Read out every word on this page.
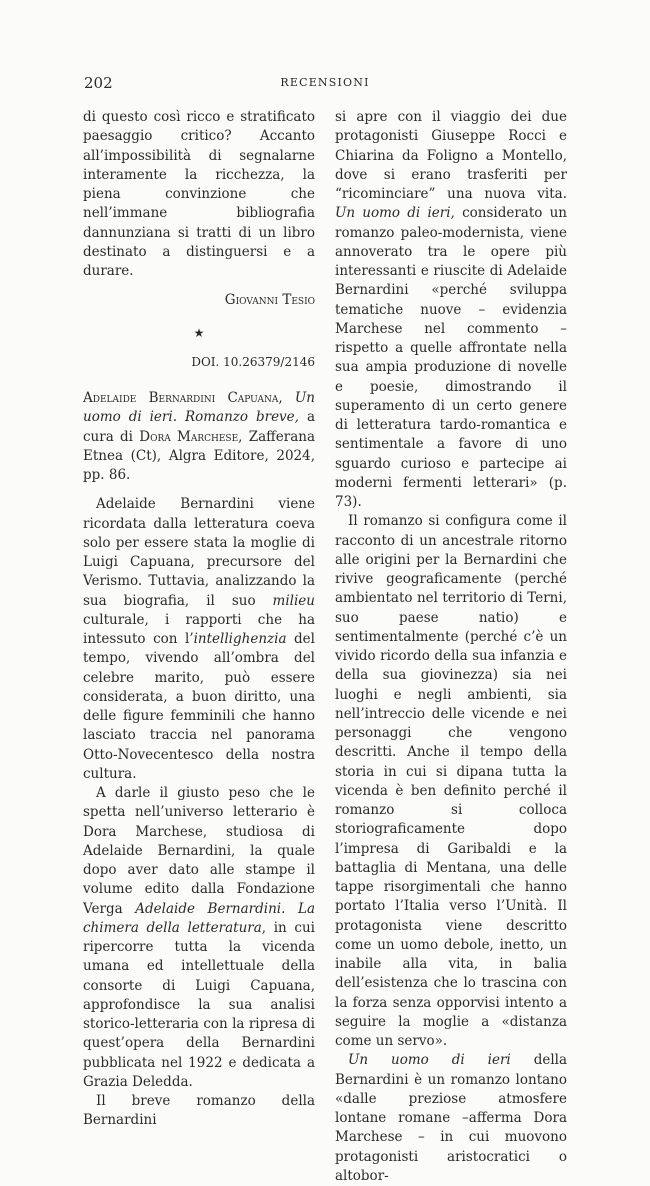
202	RECENSIONI

di questo così ricco e stratificato paesaggio critico? Accanto all’impossibilità di segnalarne interamente la ricchezza, la piena convinzione che nell’immane bibliografia dannunziana si tratti di un libro destinato a distinguersi e a durare.

Giovanni Tesio

★

DOI. 10.26379/2146

Adelaide Bernardini Capuana, Un uomo di ieri. Romanzo breve, a cura di Dora Marchese, Zafferana Etnea (Ct), Algra Editore, 2024, pp. 86.

Adelaide Bernardini viene ricordata dalla letteratura coeva solo per essere stata la moglie di Luigi Capuana, precursore del Verismo. Tuttavia, analizzando la sua biografia, il suo milieu culturale, i rapporti che ha intessuto con l’intellighenzia del tempo, vivendo all’ombra del celebre marito, può essere considerata, a buon diritto, una delle figure femminili che hanno lasciato traccia nel panorama Otto-Novecentesco della nostra cultura.

A darle il giusto peso che le spetta nell’universo letterario è Dora Marchese, studiosa di Adelaide Bernardini, la quale dopo aver dato alle stampe il volume edito dalla Fondazione Verga Adelaide Bernardini. La chimera della letteratura, in cui ripercorre tutta la vicenda umana ed intellettuale della consorte di Luigi Capuana, approfondisce la sua analisi storico-letteraria con la ripresa di quest’opera della Bernardini pubblicata nel 1922 e dedicata a Grazia Deledda.

Il breve romanzo della Bernardini

si apre con il viaggio dei due protagonisti Giuseppe Rocci e Chiarina da Foligno a Montello, dove si erano trasferiti per “ricominciare” una nuova vita. Un uomo di ieri, considerato un romanzo paleo-modernista, viene annoverato tra le opere più interessanti e riuscite di Adelaide Bernardini «perché sviluppa tematiche nuove – evidenzia Marchese nel commento – rispetto a quelle affrontate nella sua ampia produzione di novelle e poesie, dimostrando il superamento di un certo genere di letteratura tardo-romantica e sentimentale a favore di uno sguardo curioso e partecipe ai moderni fermenti letterari» (p. 73).

Il romanzo si configura come il racconto di un ancestrale ritorno alle origini per la Bernardini che rivive geograficamente (perché ambientato nel territorio di Terni, suo paese natio) e sentimentalmente (perché c’è un vivido ricordo della sua infanzia e della sua giovinezza) sia nei luoghi e negli ambienti, sia nell’intreccio delle vicende e nei personaggi che vengono descritti. Anche il tempo della storia in cui si dipana tutta la vicenda è ben definito perché il romanzo si colloca storiograficamente dopo l’impresa di Garibaldi e la battaglia di Mentana, una delle tappe risorgimentali che hanno portato l’Italia verso l’Unità. Il protagonista viene descritto come un uomo debole, inetto, un inabile alla vita, in balia dell’esistenza che lo trascina con la forza senza opporvisi intento a seguire la moglie a «distanza come un servo».

Un uomo di ieri della Bernardini è un romanzo lontano «dalle preziose atmosfere lontane romane –afferma Dora Marchese – in cui muovono protagonisti aristocratici o altobor-
